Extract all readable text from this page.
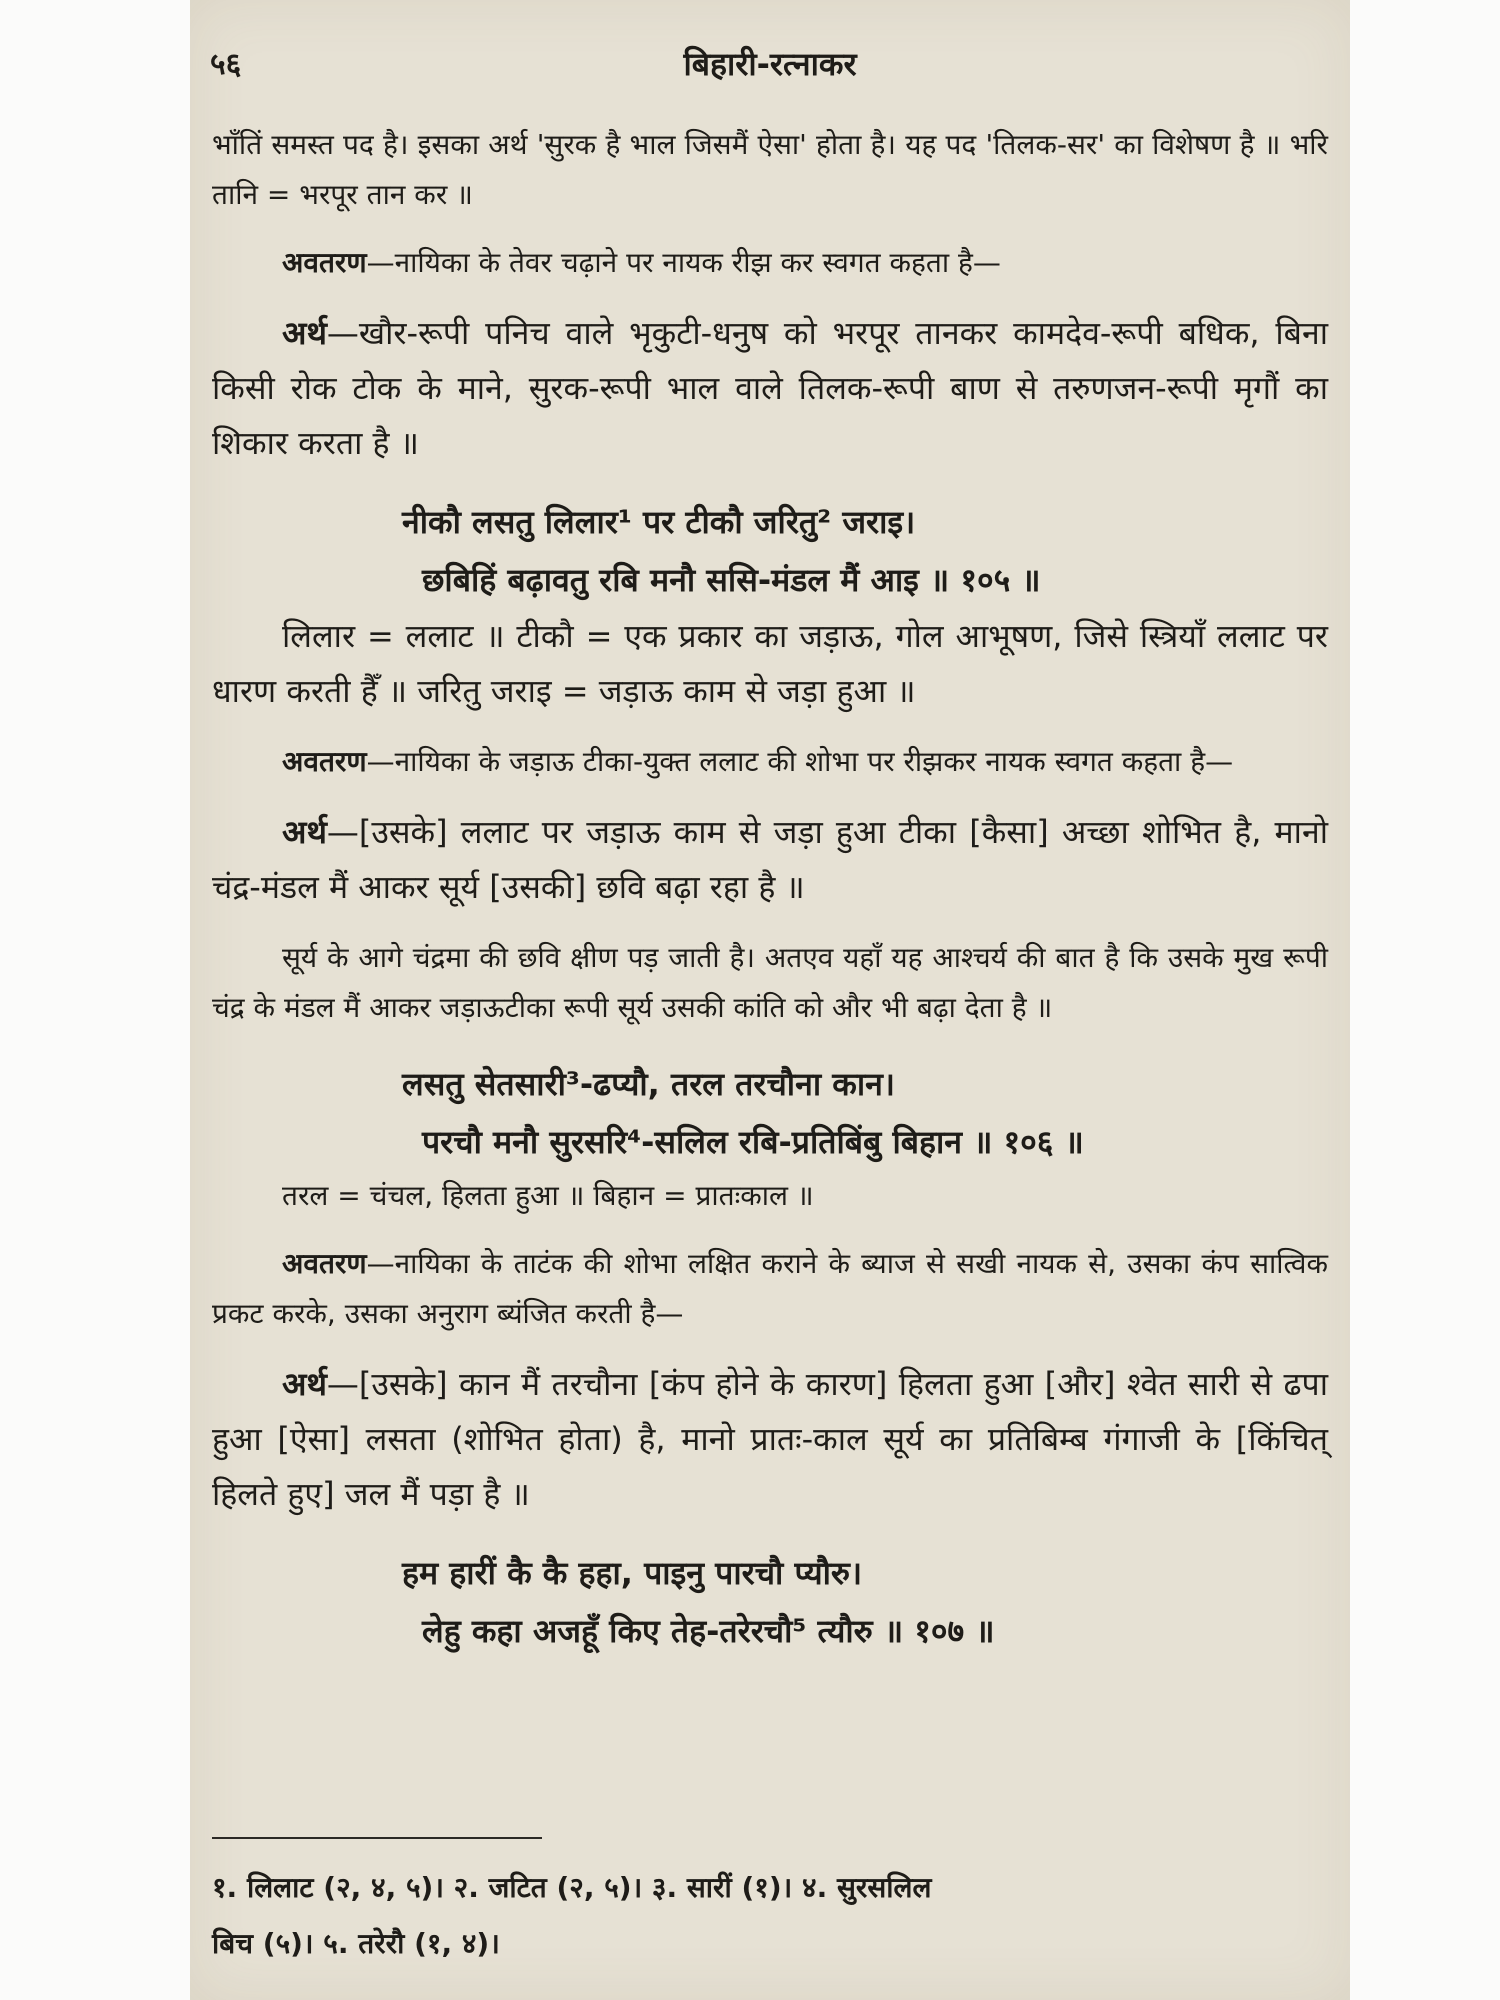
५६	बिहारी-रत्नाकर

भाँतिं समस्त पद है। इसका अर्थ 'सुरक है भाल जिसमैं ऐसा' होता है। यह पद 'तिलक-सर' का विशेषण है ॥ भरि तानि = भरपूर तान कर ॥

अवतरण—नायिका के तेवर चढ़ाने पर नायक रीझ कर स्वगत कहता है—

अर्थ—खौर-रूपी पनिच वाले भृकुटी-धनुष को भरपूर तानकर कामदेव-रूपी बधिक, बिना किसी रोक टोक के माने, सुरक-रूपी भाल वाले तिलक-रूपी बाण से तरुणजन-रूपी मृगौं का शिकार करता है ॥

नीकौ लसतु लिलार¹ पर टीकौ जरितु² जराइ।
छबिहिं बढ़ावतु रबि मनौ ससि-मंडल मैं आइ ॥ १०५ ॥

लिलार = ललाट ॥ टीकौ = एक प्रकार का जड़ाऊ, गोल आभूषण, जिसे स्त्रियाँ ललाट पर धारण करती हैँ ॥ जरितु जराइ = जड़ाऊ काम से जड़ा हुआ ॥

अवतरण—नायिका के जड़ाऊ टीका-युक्त ललाट की शोभा पर रीझकर नायक स्वगत कहता है—

अर्थ—[उसके] ललाट पर जड़ाऊ काम से जड़ा हुआ टीका [कैसा] अच्छा शोभित है, मानो चंद्र-मंडल मैं आकर सूर्य [उसकी] छवि बढ़ा रहा है ॥

सूर्य के आगे चंद्रमा की छवि क्षीण पड़ जाती है। अतएव यहाँ यह आश्चर्य की बात है कि उसके मुख रूपी चंद्र के मंडल मैं आकर जड़ाऊटीका रूपी सूर्य उसकी कांति को और भी बढ़ा देता है ॥

लसतु सेतसारी³-ढप्यौ, तरल तरचौना कान।
परचौ मनौ सुरसरि⁴-सलिल रबि-प्रतिबिंबु बिहान ॥ १०६ ॥

तरल = चंचल, हिलता हुआ ॥ बिहान = प्रातःकाल ॥

अवतरण—नायिका के ताटंक की शोभा लक्षित कराने के ब्याज से सखी नायक से, उसका कंप सात्विक प्रकट करके, उसका अनुराग ब्यंजित करती है—

अर्थ—[उसके] कान मैं तरचौना [कंप होने के कारण] हिलता हुआ [और] श्वेत सारी से ढपा हुआ [ऐसा] लसता (शोभित होता) है, मानो प्रातः-काल सूर्य का प्रतिबिम्ब गंगाजी के [किंचित् हिलते हुए] जल मैं पड़ा है ॥

हम हारीं कै कै हहा, पाइनु पारचौ प्यौरु।
लेहु कहा अजहूँ किए तेह-तरेरचौ⁵ त्यौरु ॥ १०७ ॥
१. लिलाट (२, ४, ५)। २. जटित (२, ५)। ३. सारीं (१)। ४. सुरसलिल
बिच (५)। ५. तरेरौ (१, ४)।
